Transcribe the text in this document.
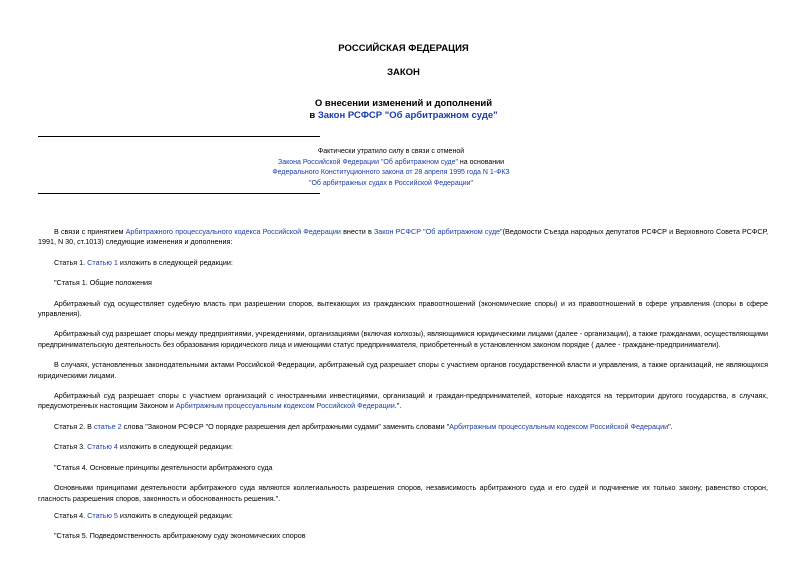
РОССИЙСКАЯ ФЕДЕРАЦИЯ
ЗАКОН
О внесении изменений и дополнений
в Закон РСФСР "Об арбитражном суде"
Фактически утратило силу в связи с отменой
Закона Российской Федерации "Об арбитражном суде" на основании
Федерального Конституционного закона от 28 апреля 1995 года N 1-ФКЗ
"Об арбитражных судах в Российской Федерации"

В связи с принятием Арбитражного процессуального кодекса Российской Федерации внести в Закон РСФСР "Об арбитражном суде"(Ведомости Съезда народных депутатов РСФСР и Верховного Совета РСФСР, 1991, N 30, ст.1013) следующие изменения и дополнения:

Статья 1. Статью 1 изложить в следующей редакции:

"Статья 1. Общие положения

Арбитражный суд осуществляет судебную власть при разрешении споров, вытекающих из гражданских правоотношений (экономические споры) и из правоотношений в сфере управления (споры в сфере управления).

Арбитражный суд разрешает споры между предприятиями, учреждениями, организациями (включая колхозы), являющимися юридическими лицами (далее - организации), а также гражданами, осуществляющими предпринимательскую деятельность без образования юридического лица и имеющими статус предпринимателя, приобретенный в установленном законом порядке ( далее - граждане-предприниматели).

В случаях, установленных законодательными актами Российской Федерации, арбитражный суд разрешает споры с участием органов государственной власти и управления, а также организаций, не являющихся юридическими лицами.

Арбитражный суд разрешает споры с участием организаций с иностранными инвестициями, организаций и граждан-предпринимателей, которые находятся на территории другого государства, в случаях, предусмотренных настоящим Законом и Арбитражным процессуальным кодексом Российской Федерации.".

Статья 2. В статье 2 слова "Законом РСФСР "О порядке разрешения дел арбитражными судами" заменить словами "Арбитражным процессуальным кодексом Российской Федерации".

Статья 3. Статью 4 изложить в следующей редакции:

"Статья 4. Основные принципы деятельности арбитражного суда

Основными принципами деятельности арбитражного суда являются коллегиальность разрешения споров, независимость арбитражного суда и его судей и подчинение их только закону, равенство сторон, гласность разрешения споров, законность и обоснованность решения.".

Статья 4. Статью 5 изложить в следующей редакции:

"Статья 5. Подведомственность арбитражному суду экономических споров
